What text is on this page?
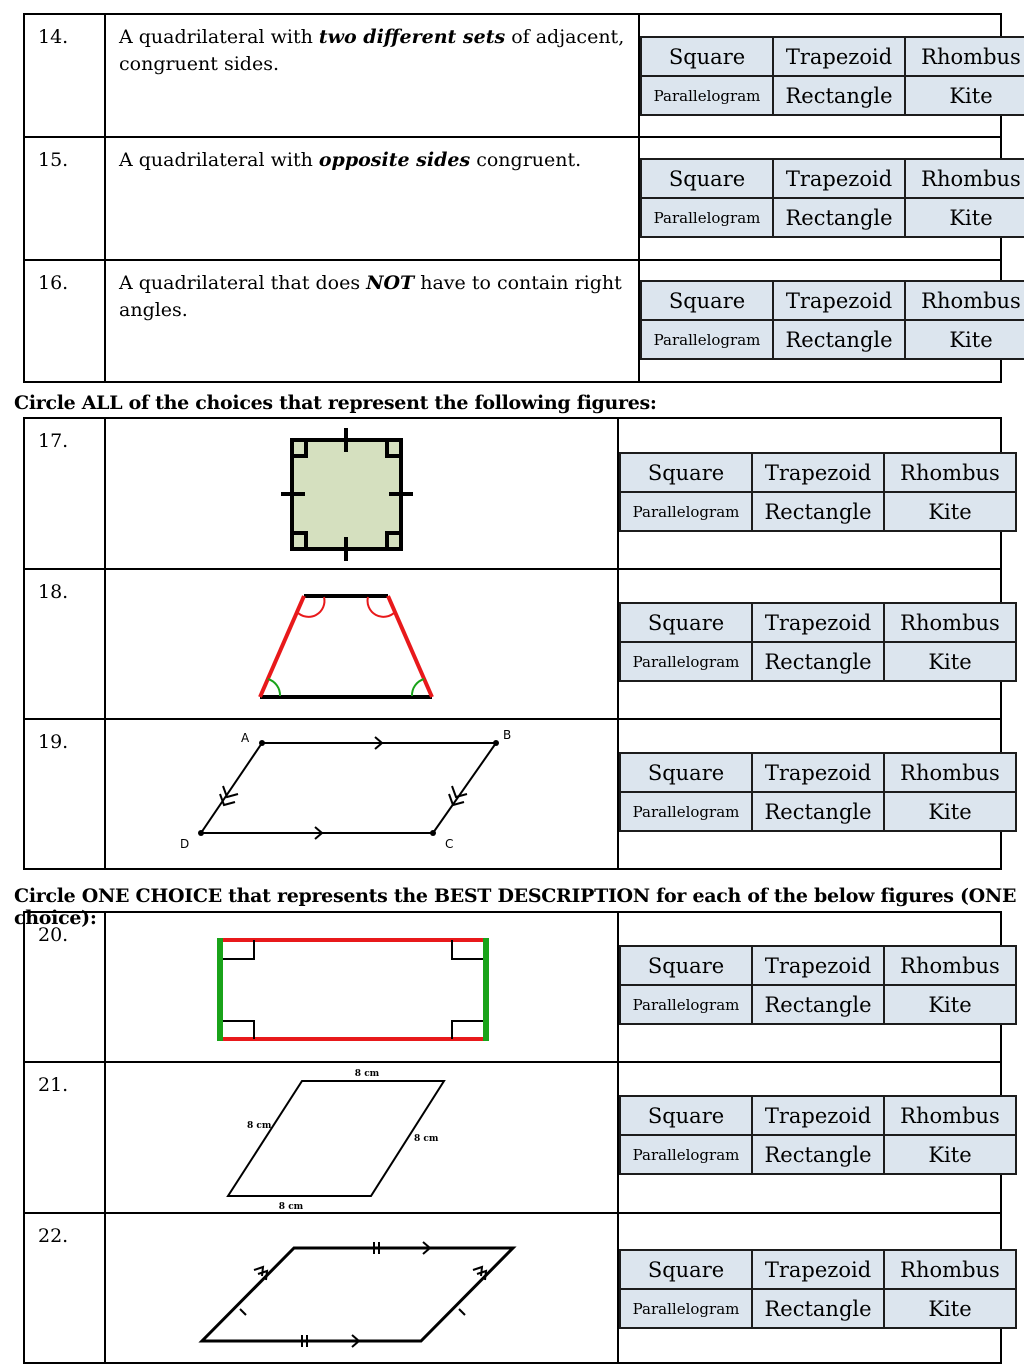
14.	A quadrilateral with two different sets of adjacent, congruent sides.		Square	Trapezoid	Rhombus
Parallelogram	Rectangle	Kite

15.	A quadrilateral with opposite sides congruent.	
Square	Trapezoid	Rhombus
Parallelogram	Rectangle	Kite

16.	A quadrilateral that does NOT have to contain right angles.		Square	Trapezoid	Rhombus
Parallelogram	Rectangle	Kite
Circle ALL of the choices that represent the following figures:
17.	

Square	Trapezoid	Rhombus
Parallelogram	Rectangle	Kite

18.	

Square	Trapezoid	Rhombus
Parallelogram	Rectangle	Kite

19.	A	B
C
D

Square	Trapezoid	Rhombus
Parallelogram	Rectangle	Kite
Circle ONE CHOICE that represents the BEST DESCRIPTION for each of the below figures (ONE choice):
20.	

Square	Trapezoid	Rhombus
Parallelogram	Rectangle	Kite

21.	8 cm
8 cm
8 cm
8 cm

Square	Trapezoid	Rhombus
Parallelogram	Rectangle	Kite

22.	

Square	Trapezoid	Rhombus
Parallelogram	Rectangle	Kite
